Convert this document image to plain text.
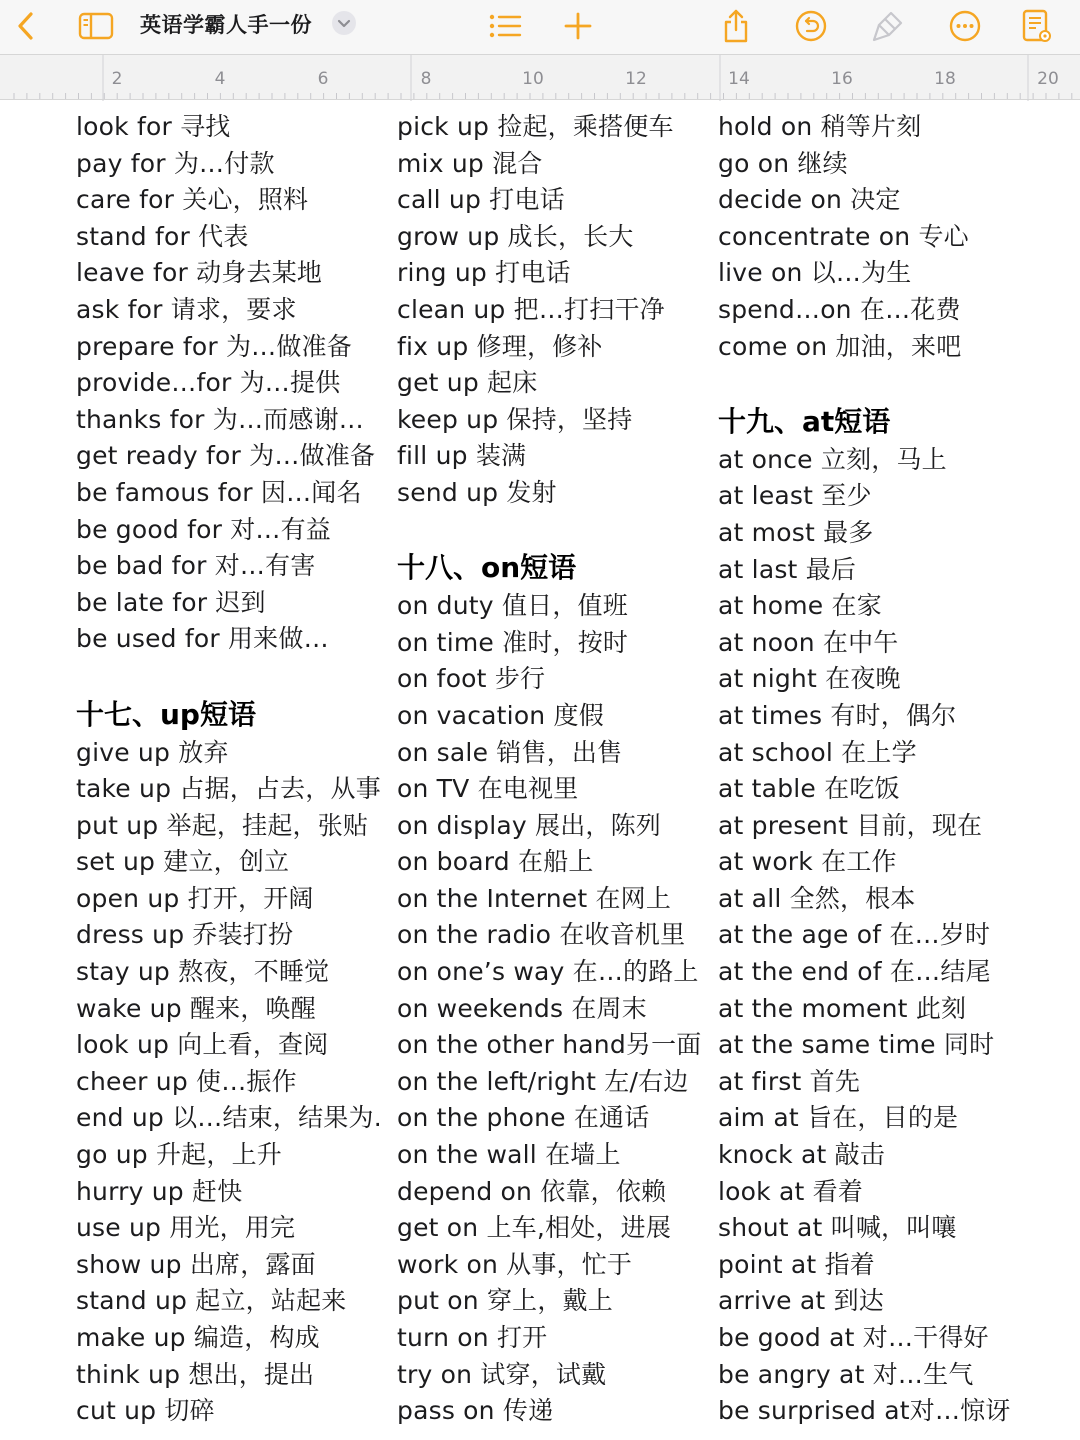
英语学霸人手一份
2	4	6	8	10	12	14	16	18	20
look for 寻找
pay for 为…付款
care for 关心，照料
stand for 代表
leave for 动身去某地
ask for 请求，要求
prepare for 为…做准备
provide…for 为…提供
thanks for 为…而感谢…
get ready for 为…做准备
be famous for 因…闻名
be good for 对…有益
be bad for 对…有害
be late for 迟到
be used for 用来做…
十七、up短语
give up 放弃
take up 占据，占去，从事
put up 举起，挂起，张贴
set up 建立，创立
open up 打开，开阔
dress up 乔装打扮
stay up 熬夜，不睡觉
wake up 醒来，唤醒
look up 向上看，查阅
cheer up 使…振作
end up 以…结束，结果为.
go up 升起，上升
hurry up 赶快
use up 用光，用完
show up 出席，露面
stand up 起立，站起来
make up 编造，构成
think up 想出，提出
cut up 切碎
pick up 捡起，乘搭便车
mix up 混合
call up 打电话
grow up 成长，长大
ring up 打电话
clean up 把…打扫干净
fix up 修理，修补
get up 起床
keep up 保持，坚持
fill up 装满
send up 发射
十八、on短语
on duty 值日，值班
on time 准时，按时
on foot 步行
on vacation 度假
on sale 销售，出售
on TV 在电视里
on display 展出，陈列
on board 在船上
on the Internet 在网上
on the radio 在收音机里
on one’s way 在…的路上
on weekends 在周末
on the other hand另一面
on the left/right 左/右边
on the phone 在通话
on the wall 在墙上
depend on 依靠，依赖
get on 上车,相处，进展
work on 从事，忙于
put on 穿上，戴上
turn on 打开
try on 试穿，试戴
pass on 传递
hold on 稍等片刻
go on 继续
decide on 决定
concentrate on 专心
live on 以…为生
spend…on 在…花费
come on 加油，来吧
十九、at短语
at once 立刻，马上
at least 至少
at most 最多
at last 最后
at home 在家
at noon 在中午
at night 在夜晚
at times 有时，偶尔
at school 在上学
at table 在吃饭
at present 目前，现在
at work 在工作
at all 全然，根本
at the age of 在…岁时
at the end of 在…结尾
at the moment 此刻
at the same time 同时
at first 首先
aim at 旨在，目的是
knock at 敲击
look at 看着
shout at 叫喊，叫嚷
point at 指着
arrive at 到达
be good at 对…干得好
be angry at 对…生气
be surprised at对…惊讶
